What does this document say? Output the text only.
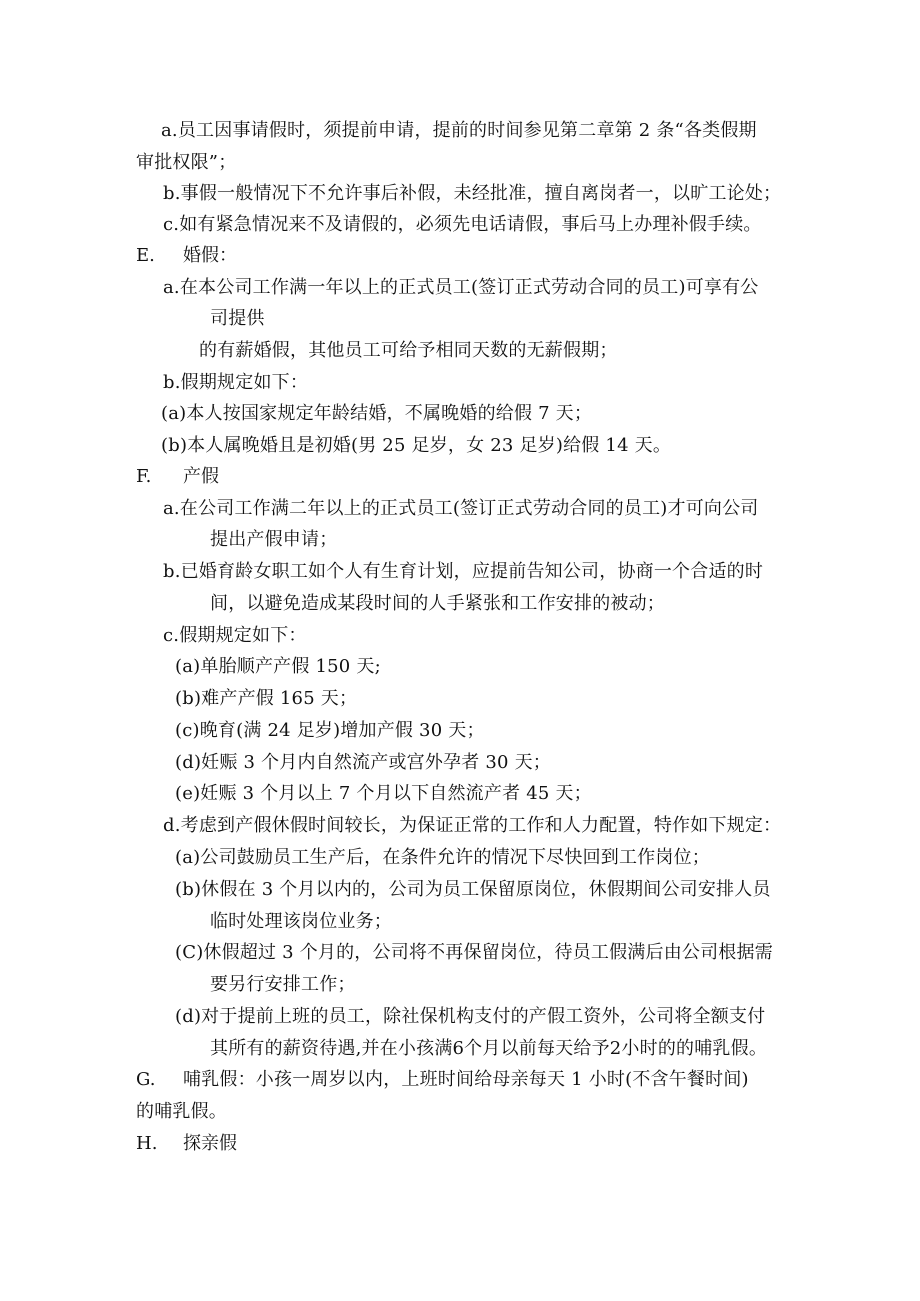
a.员工因事请假时，须提前申请，提前的时间参见第二章第 2 条“各类假期
审批权限”；
b.事假一般情况下不允许事后补假，未经批准，擅自离岗者一，以旷工论处；
c.如有紧急情况来不及请假的，必须先电话请假，事后马上办理补假手续。
E. 婚假：
a.在本公司工作满一年以上的正式员工(签订正式劳动合同的员工)可享有公
司提供
的有薪婚假，其他员工可给予相同天数的无薪假期；
b.假期规定如下：
(a)本人按国家规定年龄结婚，不属晚婚的给假 7 天；
(b)本人属晚婚且是初婚(男 25 足岁，女 23 足岁)给假 14 天。
F. 产假
a.在公司工作满二年以上的正式员工(签订正式劳动合同的员工)才可向公司
提出产假申请；
b.已婚育龄女职工如个人有生育计划，应提前告知公司，协商一个合适的时
间，以避免造成某段时间的人手紧张和工作安排的被动；
c.假期规定如下：
(a)单胎顺产产假 150 天;
(b)难产产假 165 天；
(c)晚育(满 24 足岁)增加产假 30 天；
(d)妊赈 3 个月内自然流产或宫外孕者 30 天；
(e)妊赈 3 个月以上 7 个月以下自然流产者 45 天；
d.考虑到产假休假时间较长，为保证正常的工作和人力配置，特作如下规定：
(a)公司鼓励员工生产后，在条件允许的情况下尽快回到工作岗位；
(b)休假在 3 个月以内的，公司为员工保留原岗位，休假期间公司安排人员
临时处理该岗位业务；
(C)休假超过 3 个月的，公司将不再保留岗位，待员工假满后由公司根据需
要另行安排工作；
(d)对于提前上班的员工，除社保机构支付的产假工资外，公司将全额支付
其所有的薪资待遇,并在小孩满6个月以前每天给予2小时的的哺乳假。
G. 哺乳假：小孩一周岁以内，上班时间给母亲每天 1 小时(不含午餐时间)
的哺乳假。
H. 探亲假
